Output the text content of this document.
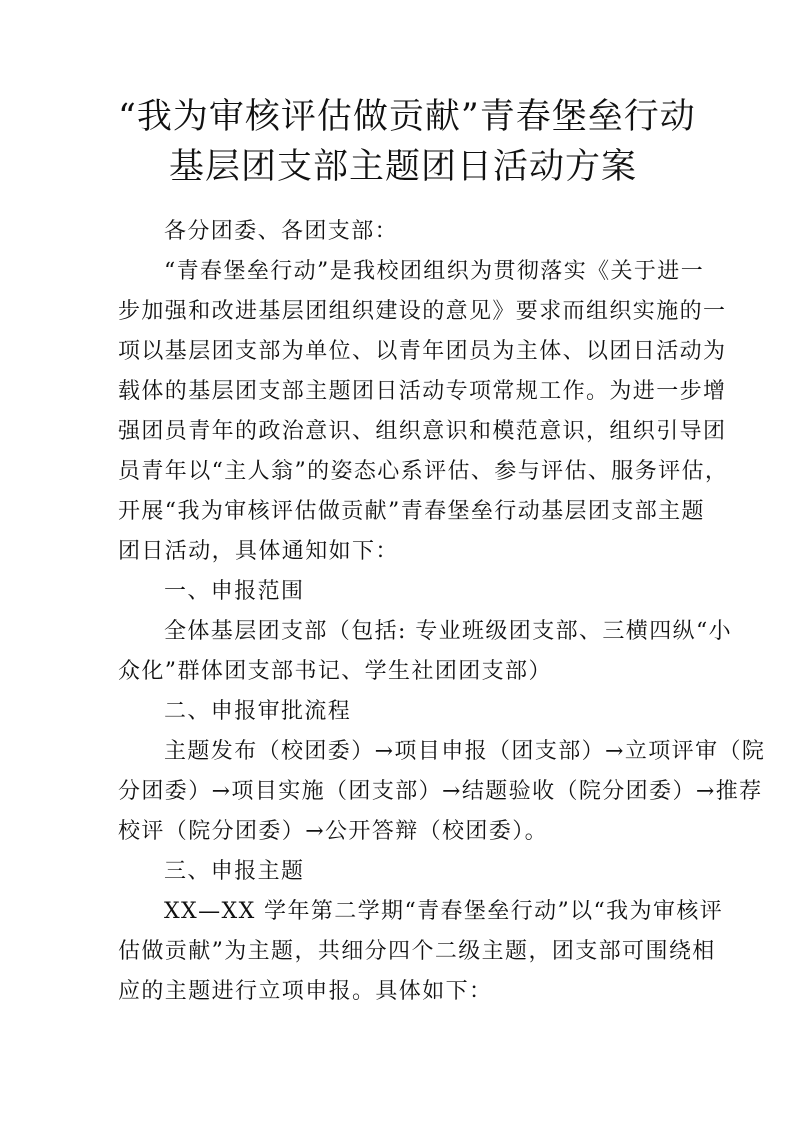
“我为审核评估做贡献”青春堡垒行动
基层团支部主题团日活动方案

各分团委、各团支部：

“青春堡垒行动”是我校团组织为贯彻落实《关于进一

步加强和改进基层团组织建设的意见》要求而组织实施的一

项以基层团支部为单位、以青年团员为主体、以团日活动为

载体的基层团支部主题团日活动专项常规工作。为进一步增

强团员青年的政治意识、组织意识和模范意识，组织引导团

员青年以“主人翁”的姿态心系评估、参与评估、服务评估，

开展“我为审核评估做贡献”青春堡垒行动基层团支部主题

团日活动，具体通知如下：

一、申报范围

全体基层团支部（包括: 专业班级团支部、三横四纵“小

众化”群体团支部书记、学生社团团支部）

二、申报审批流程

主题发布（校团委）→项目申报（团支部）→立项评审（院

分团委）→项目实施（团支部）→结题验收（院分团委）→推荐

校评（院分团委）→公开答辩（校团委）。

三、申报主题

XX—XX 学年第二学期“青春堡垒行动”以“我为审核评

估做贡献”为主题，共细分四个二级主题，团支部可围绕相

应的主题进行立项申报。具体如下：
